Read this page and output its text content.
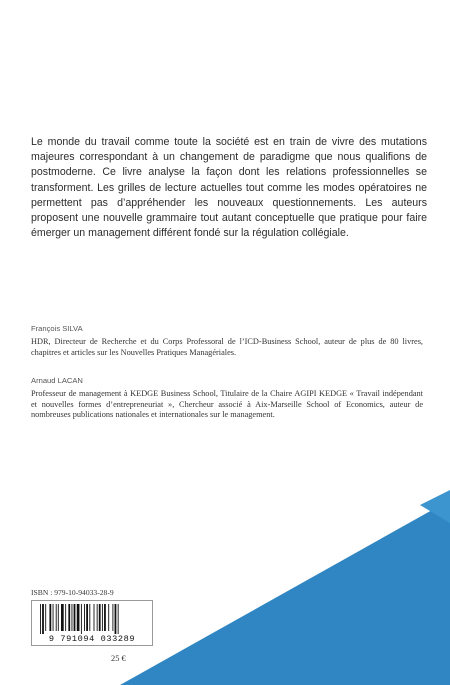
Le monde du travail comme toute la société est en train de vivre des mutations majeures correspondant à un changement de paradigme que nous qualifions de postmoderne. Ce livre analyse la façon dont les relations professionnelles se transforment. Les grilles de lecture actuelles tout comme les modes opératoires ne permettent pas d’appréhender les nouveaux questionnements. Les auteurs proposent une nouvelle grammaire tout autant conceptuelle que pratique pour faire émerger un management différent fondé sur la régulation collégiale.
François SILVA
HDR, Directeur de Recherche et du Corps Professoral de l’ICD-Business School, auteur de plus de 80 livres, chapitres et articles sur les Nouvelles Pratiques Managériales.
Arnaud LACAN
Professeur de management à KEDGE Business School, Titulaire de la Chaire AGIPI KEDGE « Travail indépendant et nouvelles formes d’entrepreneuriat », Chercheur associé à Aix-Marseille School of Economics, auteur de nombreuses publications nationales et internationales sur le management.
ISBN : 979-10-94033-28-9
9 791094 033289
25 €
